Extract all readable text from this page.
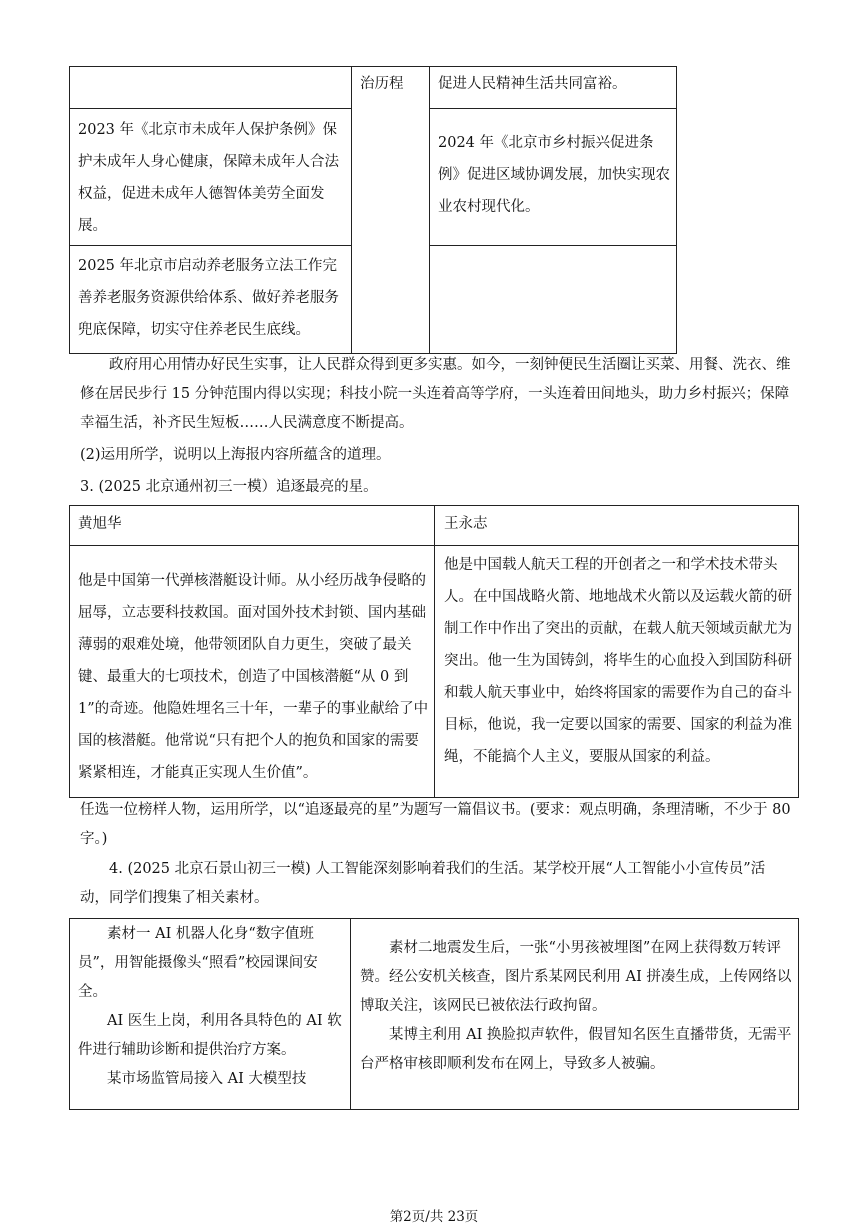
治历程	促进人民精神生活共同富裕。
2023 年《北京市未成年人保护条例》保护未成年人身心健康，保障未成年人合法权益，促进未成年人德智体美劳全面发展。
2025 年北京市启动养老服务立法工作完善养老服务资源供给体系、做好养老服务兜底保障，切实守住养老民生底线。
2024 年《北京市乡村振兴促进条例》促进区域协调发展，加快实现农业农村现代化。
政府用心用情办好民生实事，让人民群众得到更多实惠。如今，一刻钟便民生活圈让买菜、用餐、洗衣、维修在居民步行 15 分钟范围内得以实现；科技小院一头连着高等学府，一头连着田间地头，助力乡村振兴；保障幸福生活，补齐民生短板……人民满意度不断提高。
(2)运用所学，说明以上海报内容所蕴含的道理。
3. (2025 北京通州初三一模）追逐最亮的星。
黄旭华	王永志
他是中国第一代弹核潜艇设计师。从小经历战争侵略的屈辱，立志要科技救国。面对国外技术封锁、国内基础薄弱的艰难处境，他带领团队自力更生，突破了最关键、最重大的七项技术，创造了中国核潜艇“从 0 到 1”的奇迹。他隐姓埋名三十年，一辈子的事业献给了中国的核潜艇。他常说“只有把个人的抱负和国家的需要紧紧相连，才能真正实现人生价值”。
他是中国载人航天工程的开创者之一和学术技术带头人。在中国战略火箭、地地战术火箭以及运载火箭的研制工作中作出了突出的贡献，在载人航天领域贡献尤为突出。他一生为国铸剑，将毕生的心血投入到国防科研和载人航天事业中，始终将国家的需要作为自己的奋斗目标，他说，我一定要以国家的需要、国家的利益为准绳，不能搞个人主义，要服从国家的利益。
任选一位榜样人物，运用所学，以“追逐最亮的星”为题写一篇倡议书。(要求：观点明确，条理清晰，不少于 80 字。)
4. (2025 北京石景山初三一模) 人工智能深刻影响着我们的生活。某学校开展“人工智能小小宣传员”活动，同学们搜集了相关素材。
素材一 AI 机器人化身“数字值班员”，用智能摄像头“照看”校园课间安全。
AI 医生上岗，利用各具特色的 AI 软件进行辅助诊断和提供治疗方案。
某市场监管局接入 AI 大模型技
素材二地震发生后，一张“小男孩被埋图”在网上获得数万转评赞。经公安机关核查，图片系某网民利用 AI 拼凑生成，上传网络以博取关注，该网民已被依法行政拘留。
某博主利用 AI 换脸拟声软件，假冒知名医生直播带货，无需平台严格审核即顺利发布在网上，导致多人被骗。
第2页/共 23页
